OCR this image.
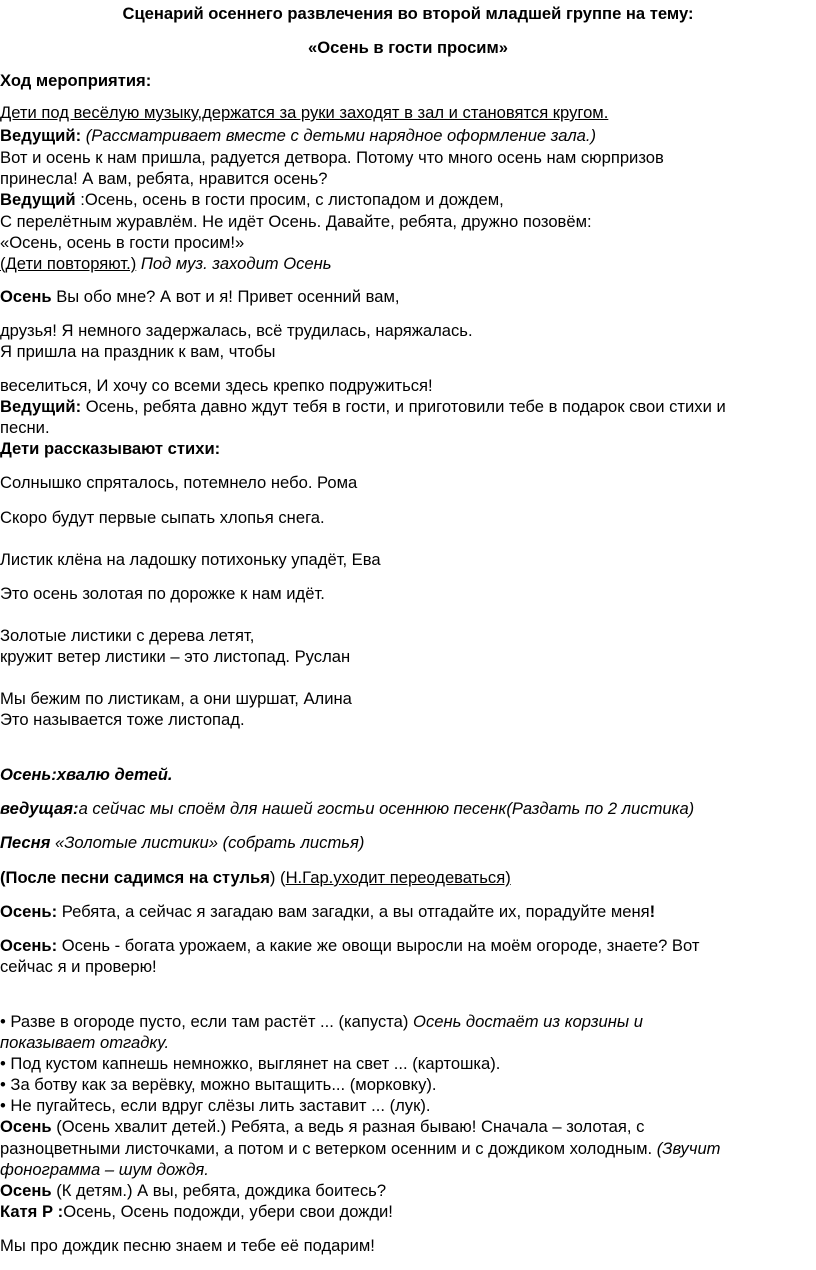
Сценарий осеннего развлечения во второй младшей группе на тему:
«Осень в гости просим»
Ход мероприятия:
Дети под весёлую музыку,держатся за руки заходят в зал и становятся кругом.
Ведущий: (Рассматривает вместе с детьми нарядное оформление зала.)
Вот и осень к нам пришла, радуется детвора. Потому что много осень нам сюрпризов
принесла! А вам, ребята, нравится осень?
Ведущий :Осень, осень в гости просим, с листопадом и дождем,
С перелётным журавлём. Не идёт Осень. Давайте, ребята, дружно позовём:
«Осень, осень в гости просим!»
(Дети повторяют.) Под муз. заходит Осень
Осень Вы обо мне? А вот и я! Привет осенний вам,
друзья! Я немного задержалась, всё трудилась, наряжалась.
Я пришла на праздник к вам, чтобы
веселиться, И хочу со всеми здесь крепко подружиться!
Ведущий: Осень, ребята давно ждут тебя в гости, и приготовили тебе в подарок свои стихи и
песни.
Дети рассказывают стихи:
Солнышко спряталось, потемнело небо. Рома
Скоро будут первые сыпать хлопья снега.
Листик клёна на ладошку потихоньку упадёт, Ева
Это осень золотая по дорожке к нам идёт.
Золотые листики с дерева летят,
кружит ветер листики – это листопад. Руслан
Мы бежим по листикам, а они шуршат, Алина
Это называется тоже листопад.
Осень:хвалю детей.
ведущая:а сейчас мы споём для нашей гостьи осеннюю песенк(Раздать по 2 листика)
Песня «Золотые листики» (собрать листья)
(После песни садимся на стулья) (Н.Гар.уходит переодеваться)
Осень: Ребята, а сейчас я загадаю вам загадки, а вы отгадайте их, порадуйте меня!
Осень: Осень - богата урожаем, а какие же овощи выросли на моём огороде, знаете? Вот
сейчас я и проверю!
• Разве в огороде пусто, если там растёт ... (капуста) Осень достаёт из корзины и
показывает отгадку.
• Под кустом капнешь немножко, выглянет на свет ... (картошка).
• За ботву как за верёвку, можно вытащить... (морковку).
• Не пугайтесь, если вдруг слёзы лить заставит ... (лук).
Осень (Осень хвалит детей.) Ребята, а ведь я разная бываю! Сначала – золотая, с
разноцветными листочками, а потом и с ветерком осенним и с дождиком холодным. (Звучит
фонограмма – шум дождя.
Осень (К детям.) А вы, ребята, дождика боитесь?
Катя Р :Осень, Осень подожди, убери свои дожди!
Мы про дождик песню знаем и тебе её подарим!
